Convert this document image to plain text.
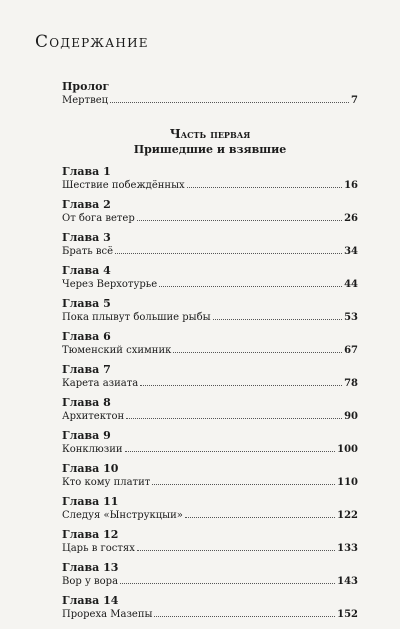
Содержание
Пролог
Мертвец	7
Часть первая
Пришедшие и взявшие
Глава 1
Шествие побеждённых	16
Глава 2
От бога ветер	26
Глава 3
Брать всё	34
Глава 4
Через Верхотурье	44
Глава 5
Пока плывут большие рыбы	53
Глава 6
Тюменский схимник	67
Глава 7
Карета азиата	78
Глава 8
Архитектон	90
Глава 9
Конклюзии	100
Глава 10
Кто кому платит	110
Глава 11
Следуя «Ынструкцыи»	122
Глава 12
Царь в гостях	133
Глава 13
Вор у вора	143
Глава 14
Прореха Мазепы	152
